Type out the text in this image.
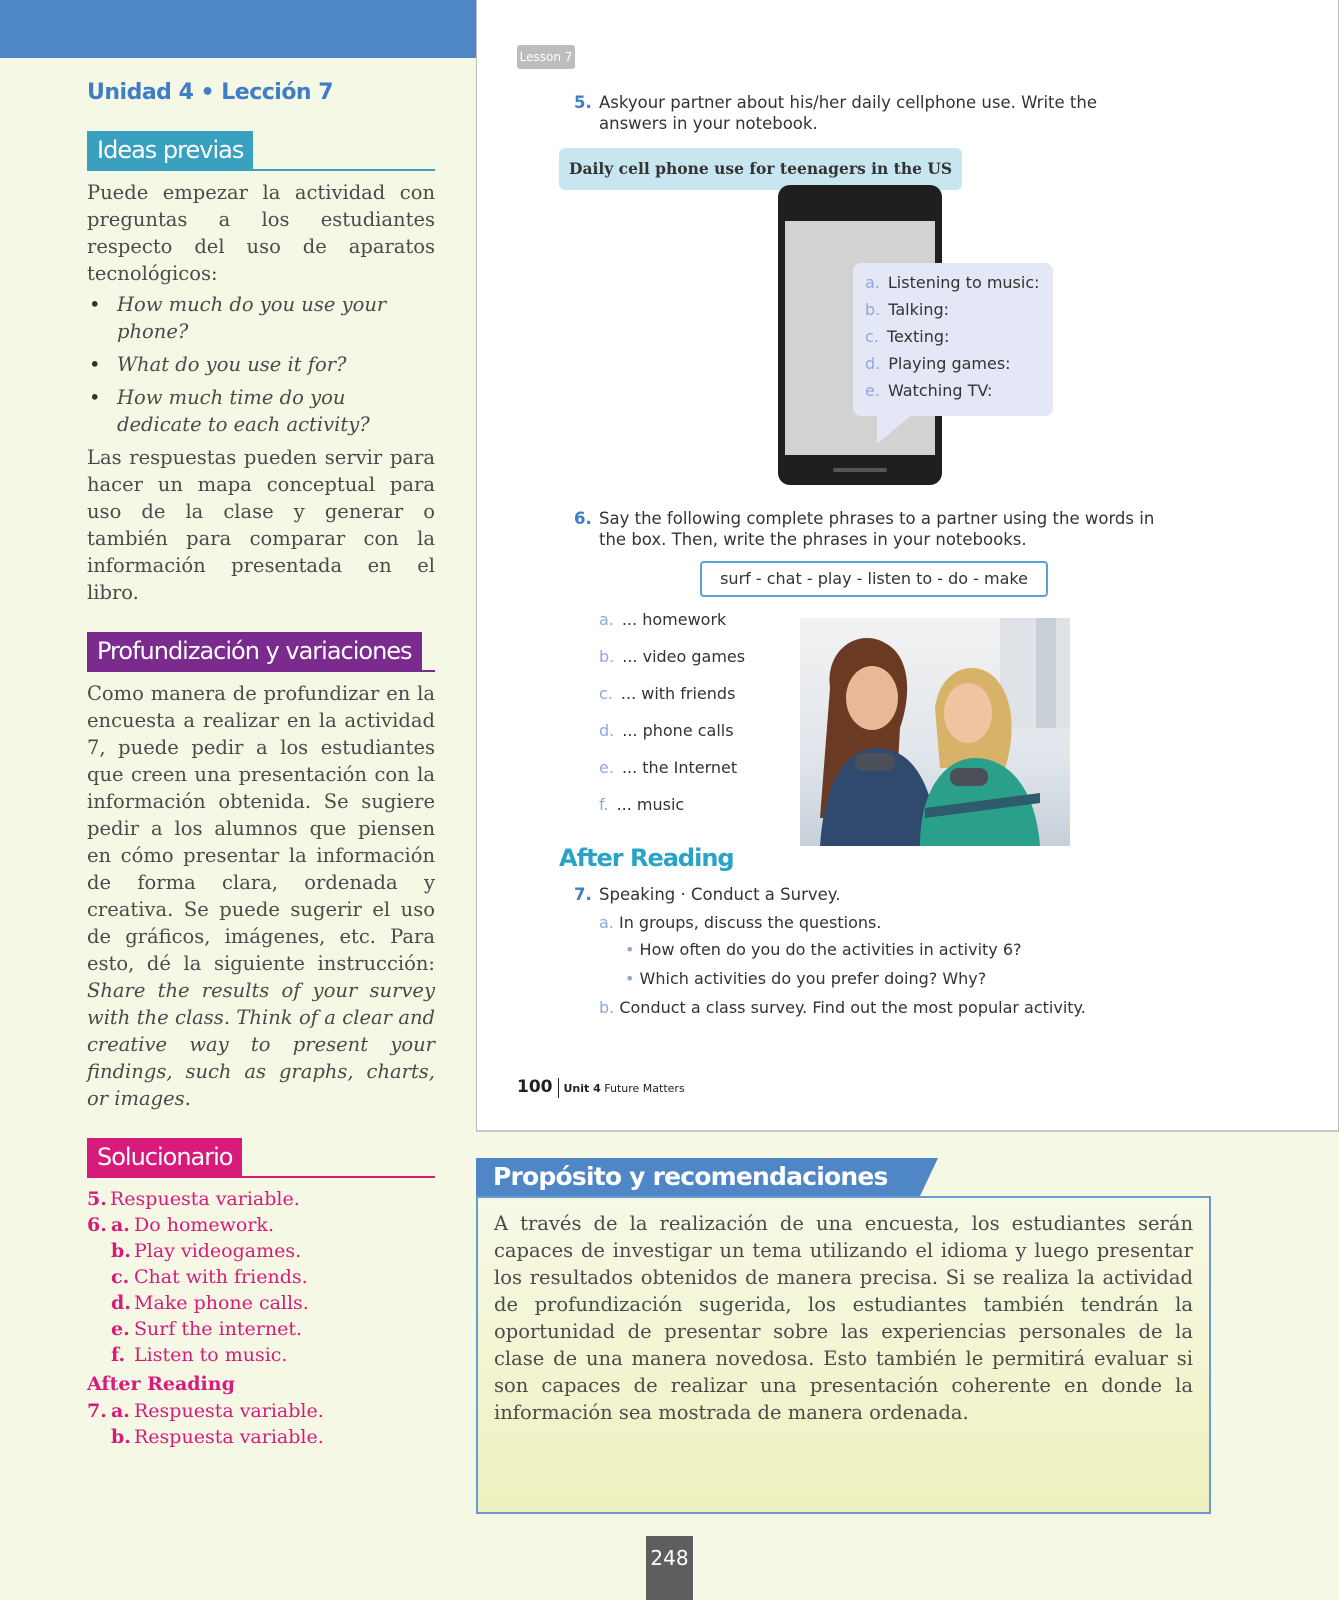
Unidad 4 • Lección 7
Ideas previas

Puede empezar la actividad con preguntas a los estudiantes respecto del uso de aparatos tecnológicos:

• How much do you use your phone?
• What do you use it for?
• How much time do you dedicate to each activity?

Las respuestas pueden servir para hacer un mapa conceptual para uso de la clase y generar o también para comparar con la información presentada en el libro.

Profundización y variaciones

Como manera de profundizar en la encuesta a realizar en la actividad 7, puede pedir a los estudiantes que creen una presentación con la información obtenida. Se sugiere pedir a los alumnos que piensen en cómo presentar la información de forma clara, ordenada y creativa. Se puede sugerir el uso de gráficos, imágenes, etc. Para esto, dé la siguiente instrucción: Share the results of your survey with the class. Think of a clear and creative way to present your findings, such as graphs, charts, or images.

Solucionario
5. Respuesta variable.
6. a. Do homework.
b. Play videogames.
c. Chat with friends.
d. Make phone calls.
e. Surf the internet.
f. Listen to music.
After Reading
7. a. Respuesta variable.
b. Respuesta variable.
Lesson 7
5. Askyour partner about his/her daily cellphone use. Write the answers in your notebook.
Daily cell phone use for teenagers in the US
a. Listening to music:
b. Talking:
c. Texting:
d. Playing games:
e. Watching TV:
6. Say the following complete phrases to a partner using the words in the box. Then, write the phrases in your notebooks.
surf - chat - play - listen to - do - make
a. ... homework
b. ... video games
c. ... with friends
d. ... phone calls
e. ... the Internet
f. ... music
After Reading
7. Speaking · Conduct a Survey.
a. In groups, discuss the questions.
• How often do you do the activities in activity 6?
• Which activities do you prefer doing? Why?
b. Conduct a class survey. Find out the most popular activity.
100 Unit 4 Future Matters
Propósito y recomendaciones

A través de la realización de una encuesta, los estudiantes serán capaces de investigar un tema utilizando el idioma y luego presentar los resultados obtenidos de manera precisa. Si se realiza la actividad de profundización sugerida, los estudiantes también tendrán la oportunidad de presentar sobre las experiencias personales de la clase de una manera novedosa. Esto también le permitirá evaluar si son capaces de realizar una presentación coherente en donde la información sea mostrada de manera ordenada.

248
